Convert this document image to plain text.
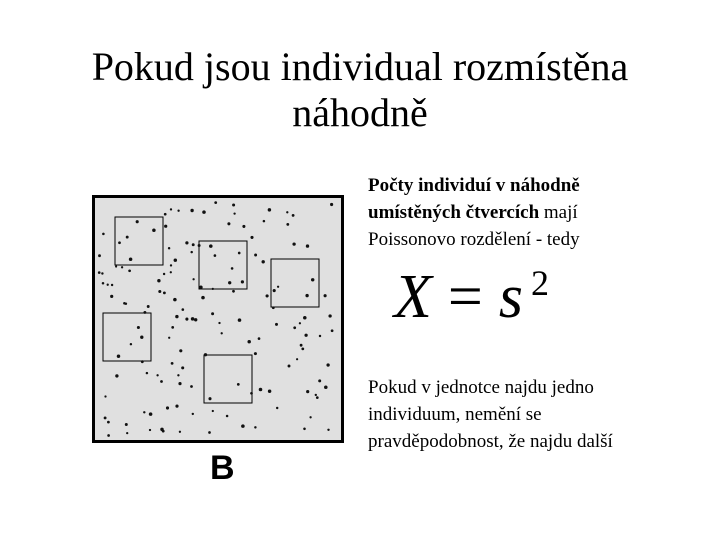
Pokud jsou individual rozmístěna
náhodně
B
Počty individuí v náhodně
umístěných čtvercích mají
Poissonovo rozdělení - tedy
X = s $^2$
Pokud v jednotce najdu jedno
individuum, nemění se
pravděpodobnost, že najdu další
